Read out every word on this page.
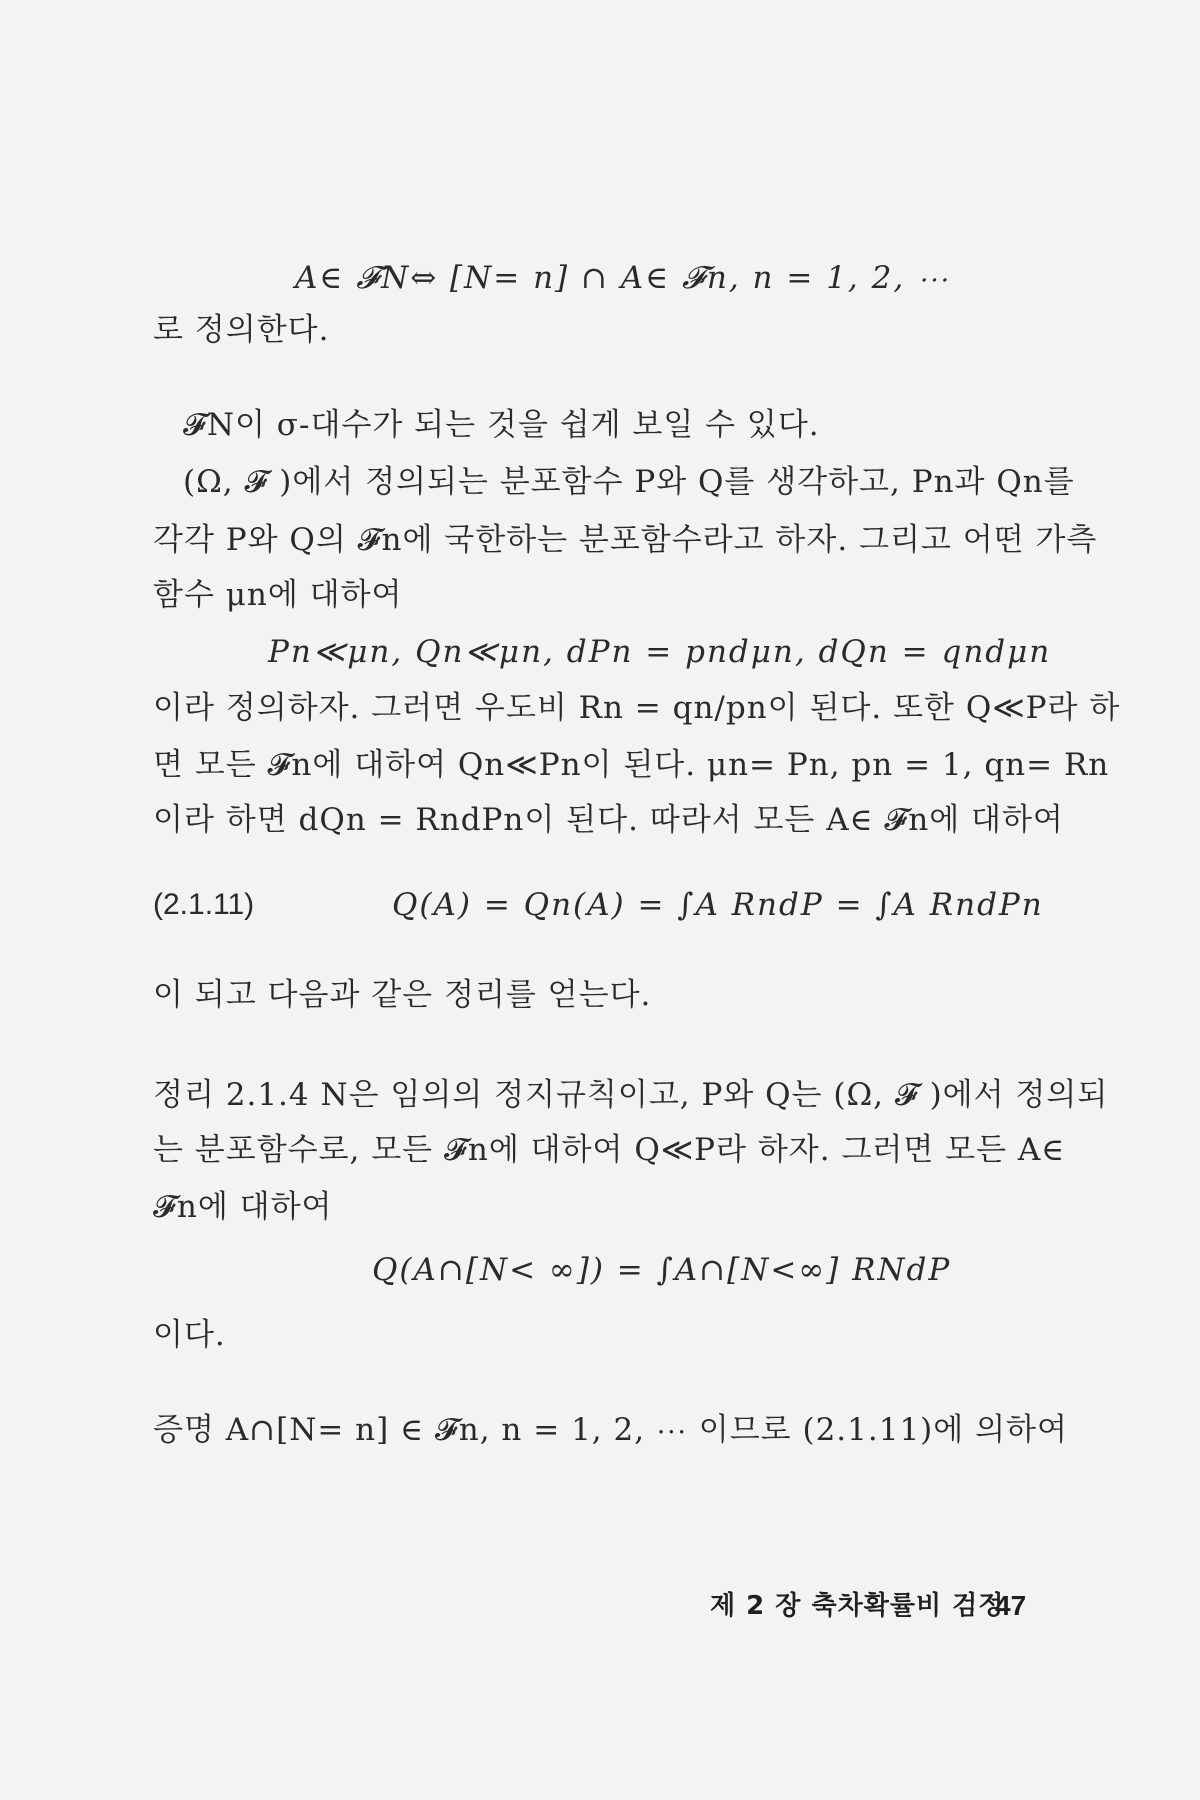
A∈ 𝓕N⇔ [N= n] ∩ A∈ 𝓕n, n = 1, 2, ⋯
로 정의한다.
𝓕N이 σ-대수가 되는 것을 쉽게 보일 수 있다.
(Ω, 𝓕 )에서 정의되는 분포함수 P와 Q를 생각하고, Pn과 Qn를
각각 P와 Q의 𝓕n에 국한하는 분포함수라고 하자. 그리고 어떤 가측
함수 μn에 대하여
Pn≪μn, Qn≪μn, dPn = pndμn, dQn = qndμn
이라 정의하자. 그러면 우도비 Rn = qn/pn이 된다. 또한 Q≪P라 하
면 모든 𝓕n에 대하여 Qn≪Pn이 된다. μn= Pn, pn = 1, qn= Rn
이라 하면 dQn = RndPn이 된다. 따라서 모든 A∈ 𝓕n에 대하여
(2.1.11)	Q(A) = Qn(A) = ∫A RndP = ∫A RndPn
이 되고 다음과 같은 정리를 얻는다.
정리 2.1.4 N은 임의의 정지규칙이고, P와 Q는 (Ω, 𝓕 )에서 정의되
는 분포함수로, 모든 𝓕n에 대하여 Q≪P라 하자. 그러면 모든 A∈
𝓕n에 대하여
Q(A∩[N< ∞]) = ∫A∩[N<∞] RNdP
이다.
증명 A∩[N= n] ∈ 𝓕n, n = 1, 2, ⋯ 이므로 (2.1.11)에 의하여
제 2 장 축차확률비 검정
47
